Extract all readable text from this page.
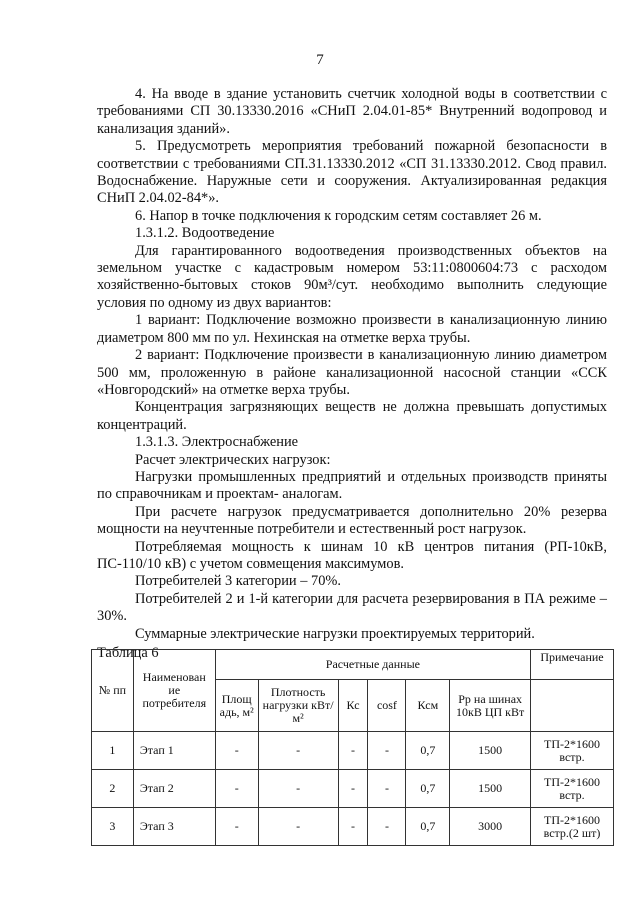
7

4. На вводе в здание установить счетчик холодной воды в соответствии с требованиями СП 30.13330.2016 «СНиП 2.04.01-85* Внутренний водопровод и канализация зданий».

5. Предусмотреть мероприятия требований пожарной безопасности в соответствии с требованиями СП.31.13330.2012 «СП 31.13330.2012. Свод правил. Водоснабжение. Наружные сети и сооружения. Актуализированная редакция СНиП 2.04.02-84*».

6. Напор в точке подключения к городским сетям составляет 26 м.

1.3.1.2. Водоотведение

Для гарантированного водоотведения производственных объектов на земельном участке с кадастровым номером 53:11:0800604:73 с расходом хозяйственно-бытовых стоков 90м³/сут. необходимо выполнить следующие условия по одному из двух вариантов:

1 вариант: Подключение возможно произвести в канализационную линию диаметром 800 мм по ул. Нехинская на отметке верха трубы.

2 вариант: Подключение произвести в канализационную линию диаметром 500 мм, проложенную в районе канализационной насосной станции «ССК «Новгородский» на отметке верха трубы.

Концентрация загрязняющих веществ не должна превышать допустимых концентраций.

1.3.1.3. Электроснабжение

Расчет электрических нагрузок:

Нагрузки промышленных предприятий и отдельных производств приняты по справочникам и проектам- аналогам.

При расчете нагрузок предусматривается дополнительно 20% резерва мощности на неучтенные потребители и естественный рост нагрузок.

Потребляемая мощность к шинам 10 кВ центров питания (РП-10кВ, ПС-110/10 кВ) с учетом совмещения максимумов.

Потребителей 3 категории – 70%.

Потребителей 2 и 1-й категории для расчета резервирования в ПА режиме – 30%.

Суммарные электрические нагрузки проектируемых территорий.

Таблица 6

№ пп	Наименован ие потребителя	Расчетные данные						Примечание
		Площ адь, м²	Плотность нагрузки кВт/м²	Кс	cosf	Ксм	Рр на шинах 10кВ ЦП кВт	
1	Этап 1	-	-	-	-	0,7	1500	ТП-2*1600 встр.
2	Этап 2	-	-	-	-	0,7	1500	ТП-2*1600 встр.
3	Этап 3	-	-	-	-	0,7	3000	ТП-2*1600 встр.(2 шт)
